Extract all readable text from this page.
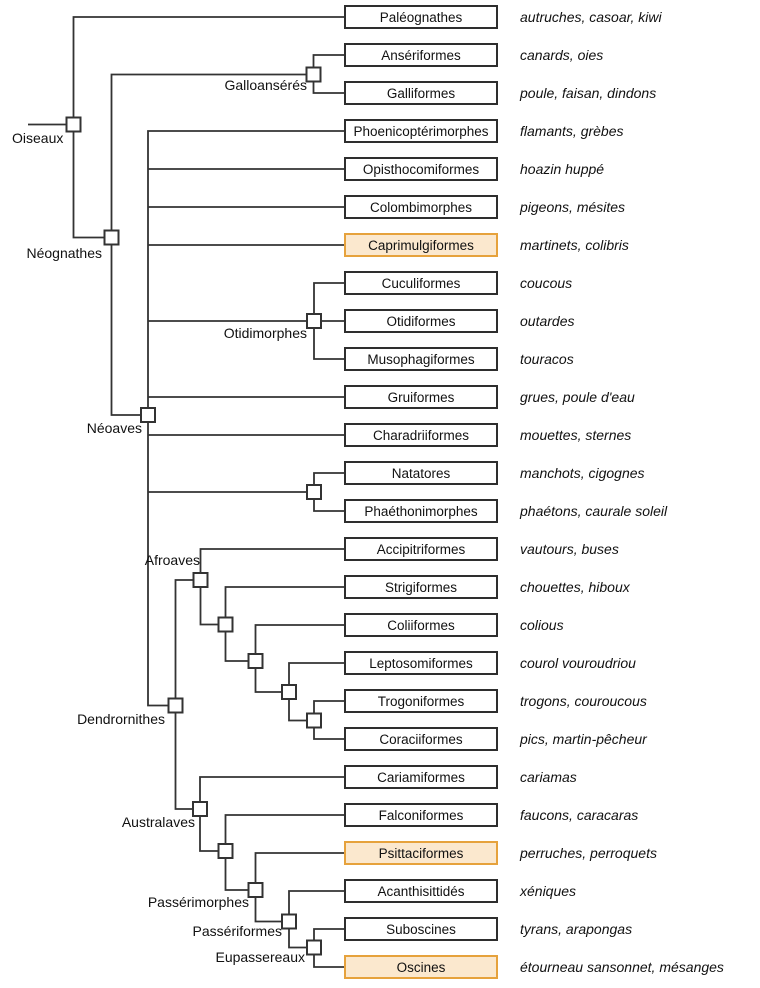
Oiseaux
Néognathes
Galloansérés
Néoaves
Otidimorphes
Afroaves
Dendrornithes
Australaves
Passérimorphes
Passériformes
Eupassereaux
Paléognathes
Ansériformes
Galliformes
Phoenicoptérimorphes
Opisthocomiformes
Colombimorphes
Caprimulgiformes
Cuculiformes
Otidiformes
Musophagiformes
Gruiformes
Charadriiformes
Natatores
Phaéthonimorphes
Accipitriformes
Strigiformes
Coliiformes
Leptosomiformes
Trogoniformes
Coraciiformes
Cariamiformes
Falconiformes
Psittaciformes
Acanthisittidés
Suboscines
Oscines
autruches, casoar, kiwi
canards, oies
poule, faisan, dindons
flamants, grèbes
hoazin huppé
pigeons, mésites
martinets, colibris
coucous
outardes
touracos
grues, poule d'eau
mouettes, sternes
manchots, cigognes
phaétons, caurale soleil
vautours, buses
chouettes, hiboux
colious
courol vouroudriou
trogons, couroucous
pics, martin-pêcheur
cariamas
faucons, caracaras
perruches, perroquets
xéniques
tyrans, arapongas
étourneau sansonnet, mésanges
